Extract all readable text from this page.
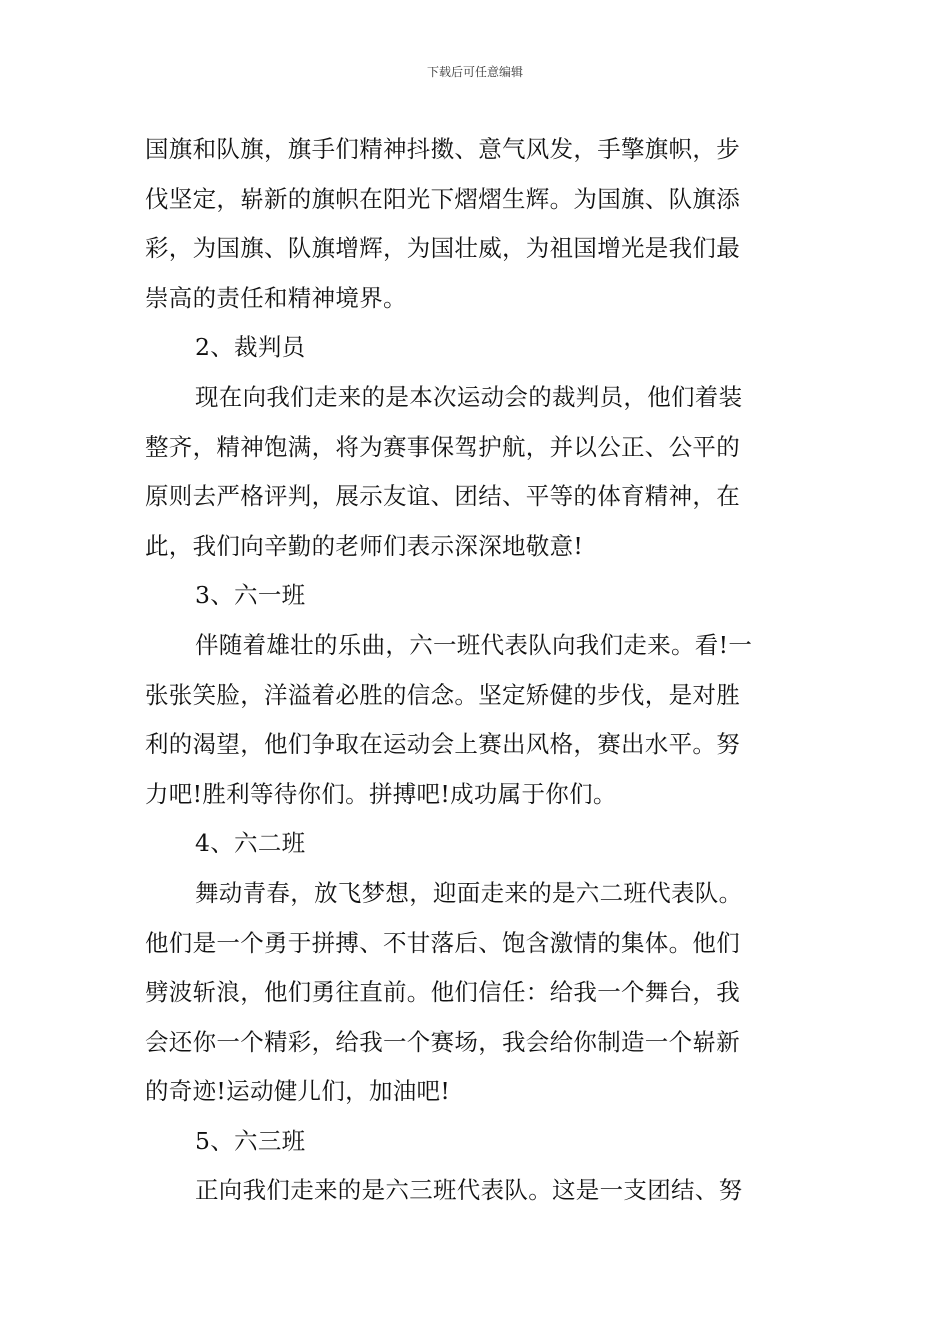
下载后可任意编辑
国旗和队旗，旗手们精神抖擞、意气风发，手擎旗帜，步
伐坚定，崭新的旗帜在阳光下熠熠生辉。为国旗、队旗添
彩，为国旗、队旗增辉，为国壮威，为祖国增光是我们最
崇高的责任和精神境界。
2、裁判员
现在向我们走来的是本次运动会的裁判员，他们着装
整齐，精神饱满，将为赛事保驾护航，并以公正、公平的
原则去严格评判，展示友谊、团结、平等的体育精神，在
此，我们向辛勤的老师们表示深深地敬意!
3、六一班
伴随着雄壮的乐曲，六一班代表队向我们走来。看!一
张张笑脸，洋溢着必胜的信念。坚定矫健的步伐，是对胜
利的渴望，他们争取在运动会上赛出风格，赛出水平。努
力吧!胜利等待你们。拼搏吧!成功属于你们。
4、六二班
舞动青春，放飞梦想，迎面走来的是六二班代表队。
他们是一个勇于拼搏、不甘落后、饱含激情的集体。他们
劈波斩浪，他们勇往直前。他们信任：给我一个舞台，我
会还你一个精彩，给我一个赛场，我会给你制造一个崭新
的奇迹!运动健儿们，加油吧!
5、六三班
正向我们走来的是六三班代表队。这是一支团结、努
